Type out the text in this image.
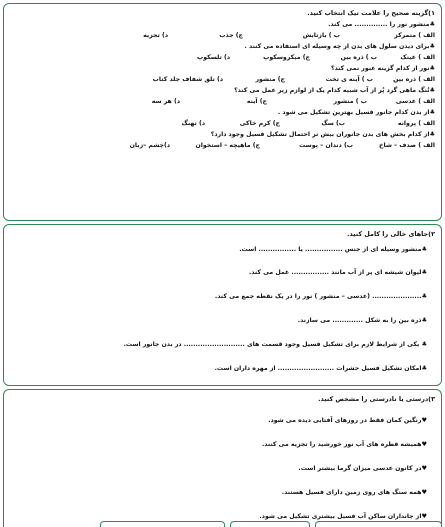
۱)گزینه صحیح را علامت تیک انتخاب کنید.
♣منشور نور را .............. می کند.
الف ) متمرکز
ب ) بازتابش
ج) جذب
د) تجزیه
♣برای دیدن سلول های بدن از چه وسیله ای استفاده می کنند .
الف ) عینک
ب ) ذره بین
ج) میکروسکوپ
د) تلسکوپ
♣نور از کدام گزینه عبور نمی کند؟
الف ) ذره بین
ب ) آینه ی تخت
ج) منشور
د) تلق شفاف جلد کتاب
♣تُنگ ماهی گرد پُر از آب شبیه کدام یک از لوازم زیر عمل می کند؟
الف ) عدسی
ب ) منشور
ج) آینه
د) هر سه
♣از بدن کدام جانور فسیل بهترین تشکیل می شود .
الف ) پروانه
ب) سگ
ج) کرم خاکی
د) نهنگ
♣از کدام بخش های بدن جانوران بیش تر احتمال تشکیل فسیل وجود دارد؟
الف ) صدف – شاخ
ب) دندان – پوست
ج) ماهیچه – استخوان
د)چشم –زبان
۲)جاهای خالی را کامل کنید.
♣منشور وسیله ای از جنس ................ یا ................ است.
♣لیوان شیشه ای پر از آب مانند ................ عمل می کند.
♣..................... (عدسی – منشور ) نور را در یک نقطه جمع می کند.
♣ذره بین را به شکل ............. می سازند.
♣ یکی از شرایط لازم برای تشکیل فسیل وجود قسمت های .......................... در بدن جانور است.
♣امکان تشکیل فسیل حشرات ........................ از مهره داران است.
۳)درستی یا نادرستی را مشخص کنید.
♥رنگین کمان فقط در روزهای آفتابی دیده می شود.
♥همیشه قطره های آب نور خورشید را تجزیه می کنند.
♥در کانون عدسی میزان گرما بیشتر است.
♥همه سنگ های روی زمین دارای فسیل هستند.
♥از جانداران ساکن آب فسیل بیشتری تشکیل می شود.
